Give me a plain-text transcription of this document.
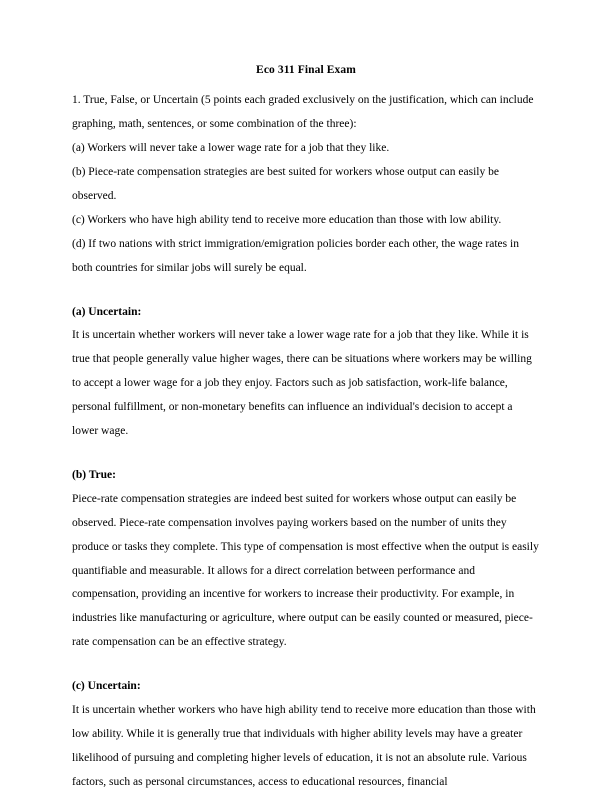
Eco 311 Final Exam

1. True, False, or Uncertain (5 points each graded exclusively on the justification, which can include graphing, math, sentences, or some combination of the three):

(a) Workers will never take a lower wage rate for a job that they like.

(b) Piece-rate compensation strategies are best suited for workers whose output can easily be observed.

(c) Workers who have high ability tend to receive more education than those with low ability.

(d) If two nations with strict immigration/emigration policies border each other, the wage rates in both countries for similar jobs will surely be equal.

(a) Uncertain:

It is uncertain whether workers will never take a lower wage rate for a job that they like. While it is true that people generally value higher wages, there can be situations where workers may be willing to accept a lower wage for a job they enjoy. Factors such as job satisfaction, work-life balance, personal fulfillment, or non-monetary benefits can influence an individual's decision to accept a lower wage.

(b) True:

Piece-rate compensation strategies are indeed best suited for workers whose output can easily be observed. Piece-rate compensation involves paying workers based on the number of units they produce or tasks they complete. This type of compensation is most effective when the output is easily quantifiable and measurable. It allows for a direct correlation between performance and compensation, providing an incentive for workers to increase their productivity. For example, in industries like manufacturing or agriculture, where output can be easily counted or measured, piece-rate compensation can be an effective strategy.

(c) Uncertain:

It is uncertain whether workers who have high ability tend to receive more education than those with low ability. While it is generally true that individuals with higher ability levels may have a greater likelihood of pursuing and completing higher levels of education, it is not an absolute rule. Various factors, such as personal circumstances, access to educational resources, financial
